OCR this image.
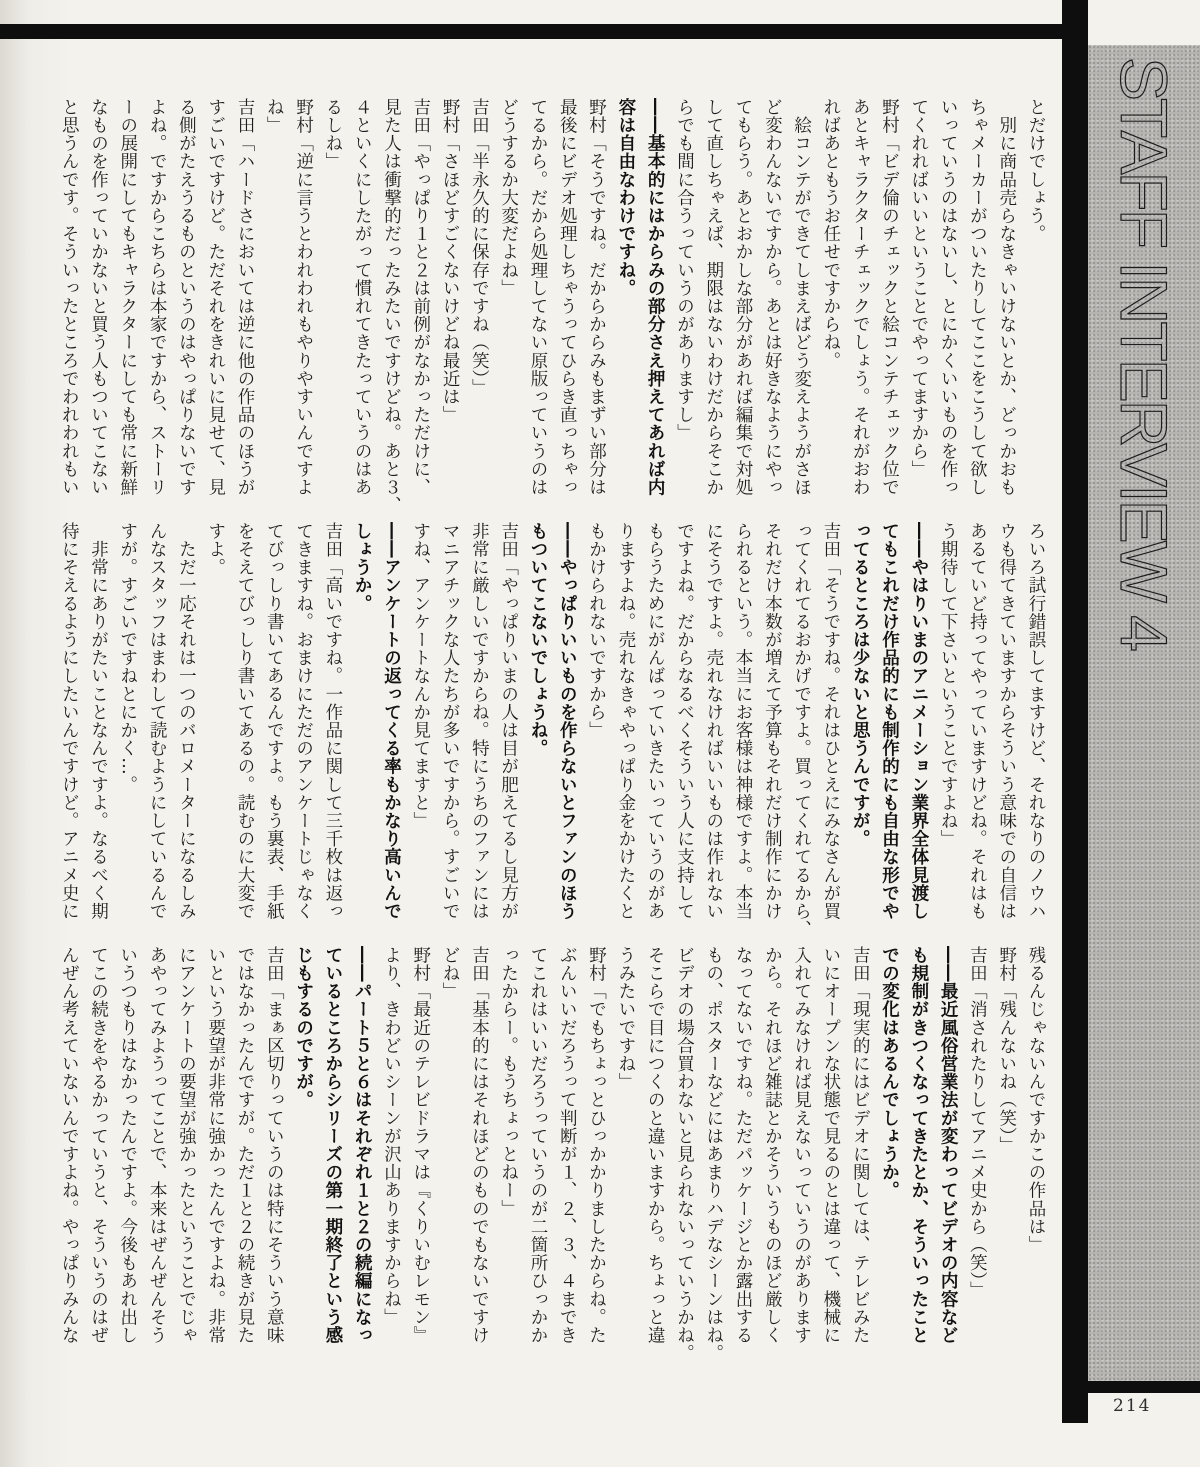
STAFF INTERVIEW 4
とだけでしょう。
　別に商品売らなきゃいけないとか、どっかおも
ちゃメーカーがついたりしてここをこうして欲し
いっていうのはないし、とにかくいいものを作っ
てくれればいいということでやってますから」
野村「ビデ倫のチェックと絵コンテチェック位で
あとキャラクターチェックでしょう。それがおわ
ればあともうお任せですからね。
　絵コンテができてしまえばどう変えようがさほ
ど変わんないですから。あとは好きなようにやっ
てもらう。あとおかしな部分があれば編集で対処
して直しちゃえば、期限はないわけだからそこか
らでも間に合うっていうのがありますし」
――基本的にはからみの部分さえ押えてあれば内
容は自由なわけですね。
野村「そうですね。だからからみもまずい部分は
最後にビデオ処理しちゃうってひらき直っちゃっ
てるから。だから処理してない原版っていうのは
どうするか大変だよね」
吉田「半永久的に保存ですね（笑）」
野村「さほどすごくないけどね最近は」
吉田「やっぱり１と２は前例がなかっただけに、
見た人は衝撃的だったみたいですけどね。あと３、
４といくにしたがって慣れてきたっていうのはあ
るしね」
野村「逆に言うとわれわれもやりやすいんですよ
ね」
吉田「ハードさにおいては逆に他の作品のほうが
すごいですけど。ただそれをきれいに見せて、見
る側がたえうるものというのはやっぱりないです
よね。ですからこちらは本家ですから、ストーリ
ーの展開にしてもキャラクターにしても常に新鮮
なものを作っていかないと買う人もついてこない
と思うんです。そういったところでわれわれもい
ろいろ試行錯誤してますけど、それなりのノウハ
ウも得てきていますからそういう意味での自信は
あるていど持ってやっていますけどね。それはも
う期待して下さいということですよね」
――やはりいまのアニメーション業界全体見渡し
てもこれだけ作品的にも制作的にも自由な形でや
ってるところは少ないと思うんですが。
吉田「そうですね。それはひとえにみなさんが買
ってくれてるおかげですよ。買ってくれてるから、
それだけ本数が増えて予算もそれだけ制作にかけ
られるという。本当にお客様は神様ですよ。本当
にそうですよ。売れなければいいものは作れない
ですよね。だからなるべくそういう人に支持して
もらうためにがんばっていきたいっていうのがあ
りますよね。売れなきゃやっぱり金をかけたくと
もかけられないですから」
――やっぱりいいものを作らないとファンのほう
もついてこないでしょうね。
吉田「やっぱりいまの人は目が肥えてるし見方が
非常に厳しいですからね。特にうちのファンには
マニアチックな人たちが多いですから。すごいで
すね、アンケートなんか見てますと」
――アンケートの返ってくる率もかなり高いんで
しょうか。
吉田「高いですね。一作品に関して三千枚は返っ
てきますね。おまけにただのアンケートじゃなく
てびっしり書いてあるんですよ。もう裏表、手紙
をそえてびっしり書いてあるの。読むのに大変で
すよ。
　ただ一応それは一つのバロメーターになるしみ
んなスタッフはまわして読むようにしているんで
すが。すごいですねとにかく…。
　非常にありがたいことなんですよ。なるべく期
待にそえるようにしたいんですけど。アニメ史に
残るんじゃないんですかこの作品は」
野村「残んないね（笑）」
吉田「消されたりしてアニメ史から（笑）」
――最近風俗営業法が変わってビデオの内容など
も規制がきつくなってきたとか、そういったこと
での変化はあるんでしょうか。
吉田「現実的にはビデオに関しては、テレビみた
いにオープンな状態で見るのとは違って、機械に
入れてみなければ見えないっていうのがあります
から。それほど雑誌とかそういうものほど厳しく
なってないですね。ただパッケージとか露出する
もの、ポスターなどにはあまりハデなシーンはね。
ビデオの場合買わないと見られないっていうかね。
そこらで目につくのと違いますから。ちょっと違
うみたいですね」
野村「でもちょっとひっかかりましたからね。た
ぶんいいだろうって判断が１、２、３、４までき
てこれはいいだろうっていうのが二箇所ひっかか
ったからー。もうちょっとねー」
吉田「基本的にはそれほどのものでもないですけ
どね」
野村「最近のテレビドラマは『くりいむレモン』
より、きわどいシーンが沢山ありますからね」
――パート５と６はそれぞれ１と２の続編になっ
ているところからシリーズの第一期終了という感
じもするのですが。
吉田「まぁ区切りっていうのは特にそういう意味
ではなかったんですが。ただ１と２の続きが見た
いという要望が非常に強かったんですよね。非常
にアンケートの要望が強かったということでじゃ
あやってみようってことで、本来はぜんぜんそう
いうつもりはなかったんですよ。今後もあれ出し
てこの続きをやるかっていうと、そういうのはぜ
んぜん考えていないんですよね。やっぱりみんな
214
